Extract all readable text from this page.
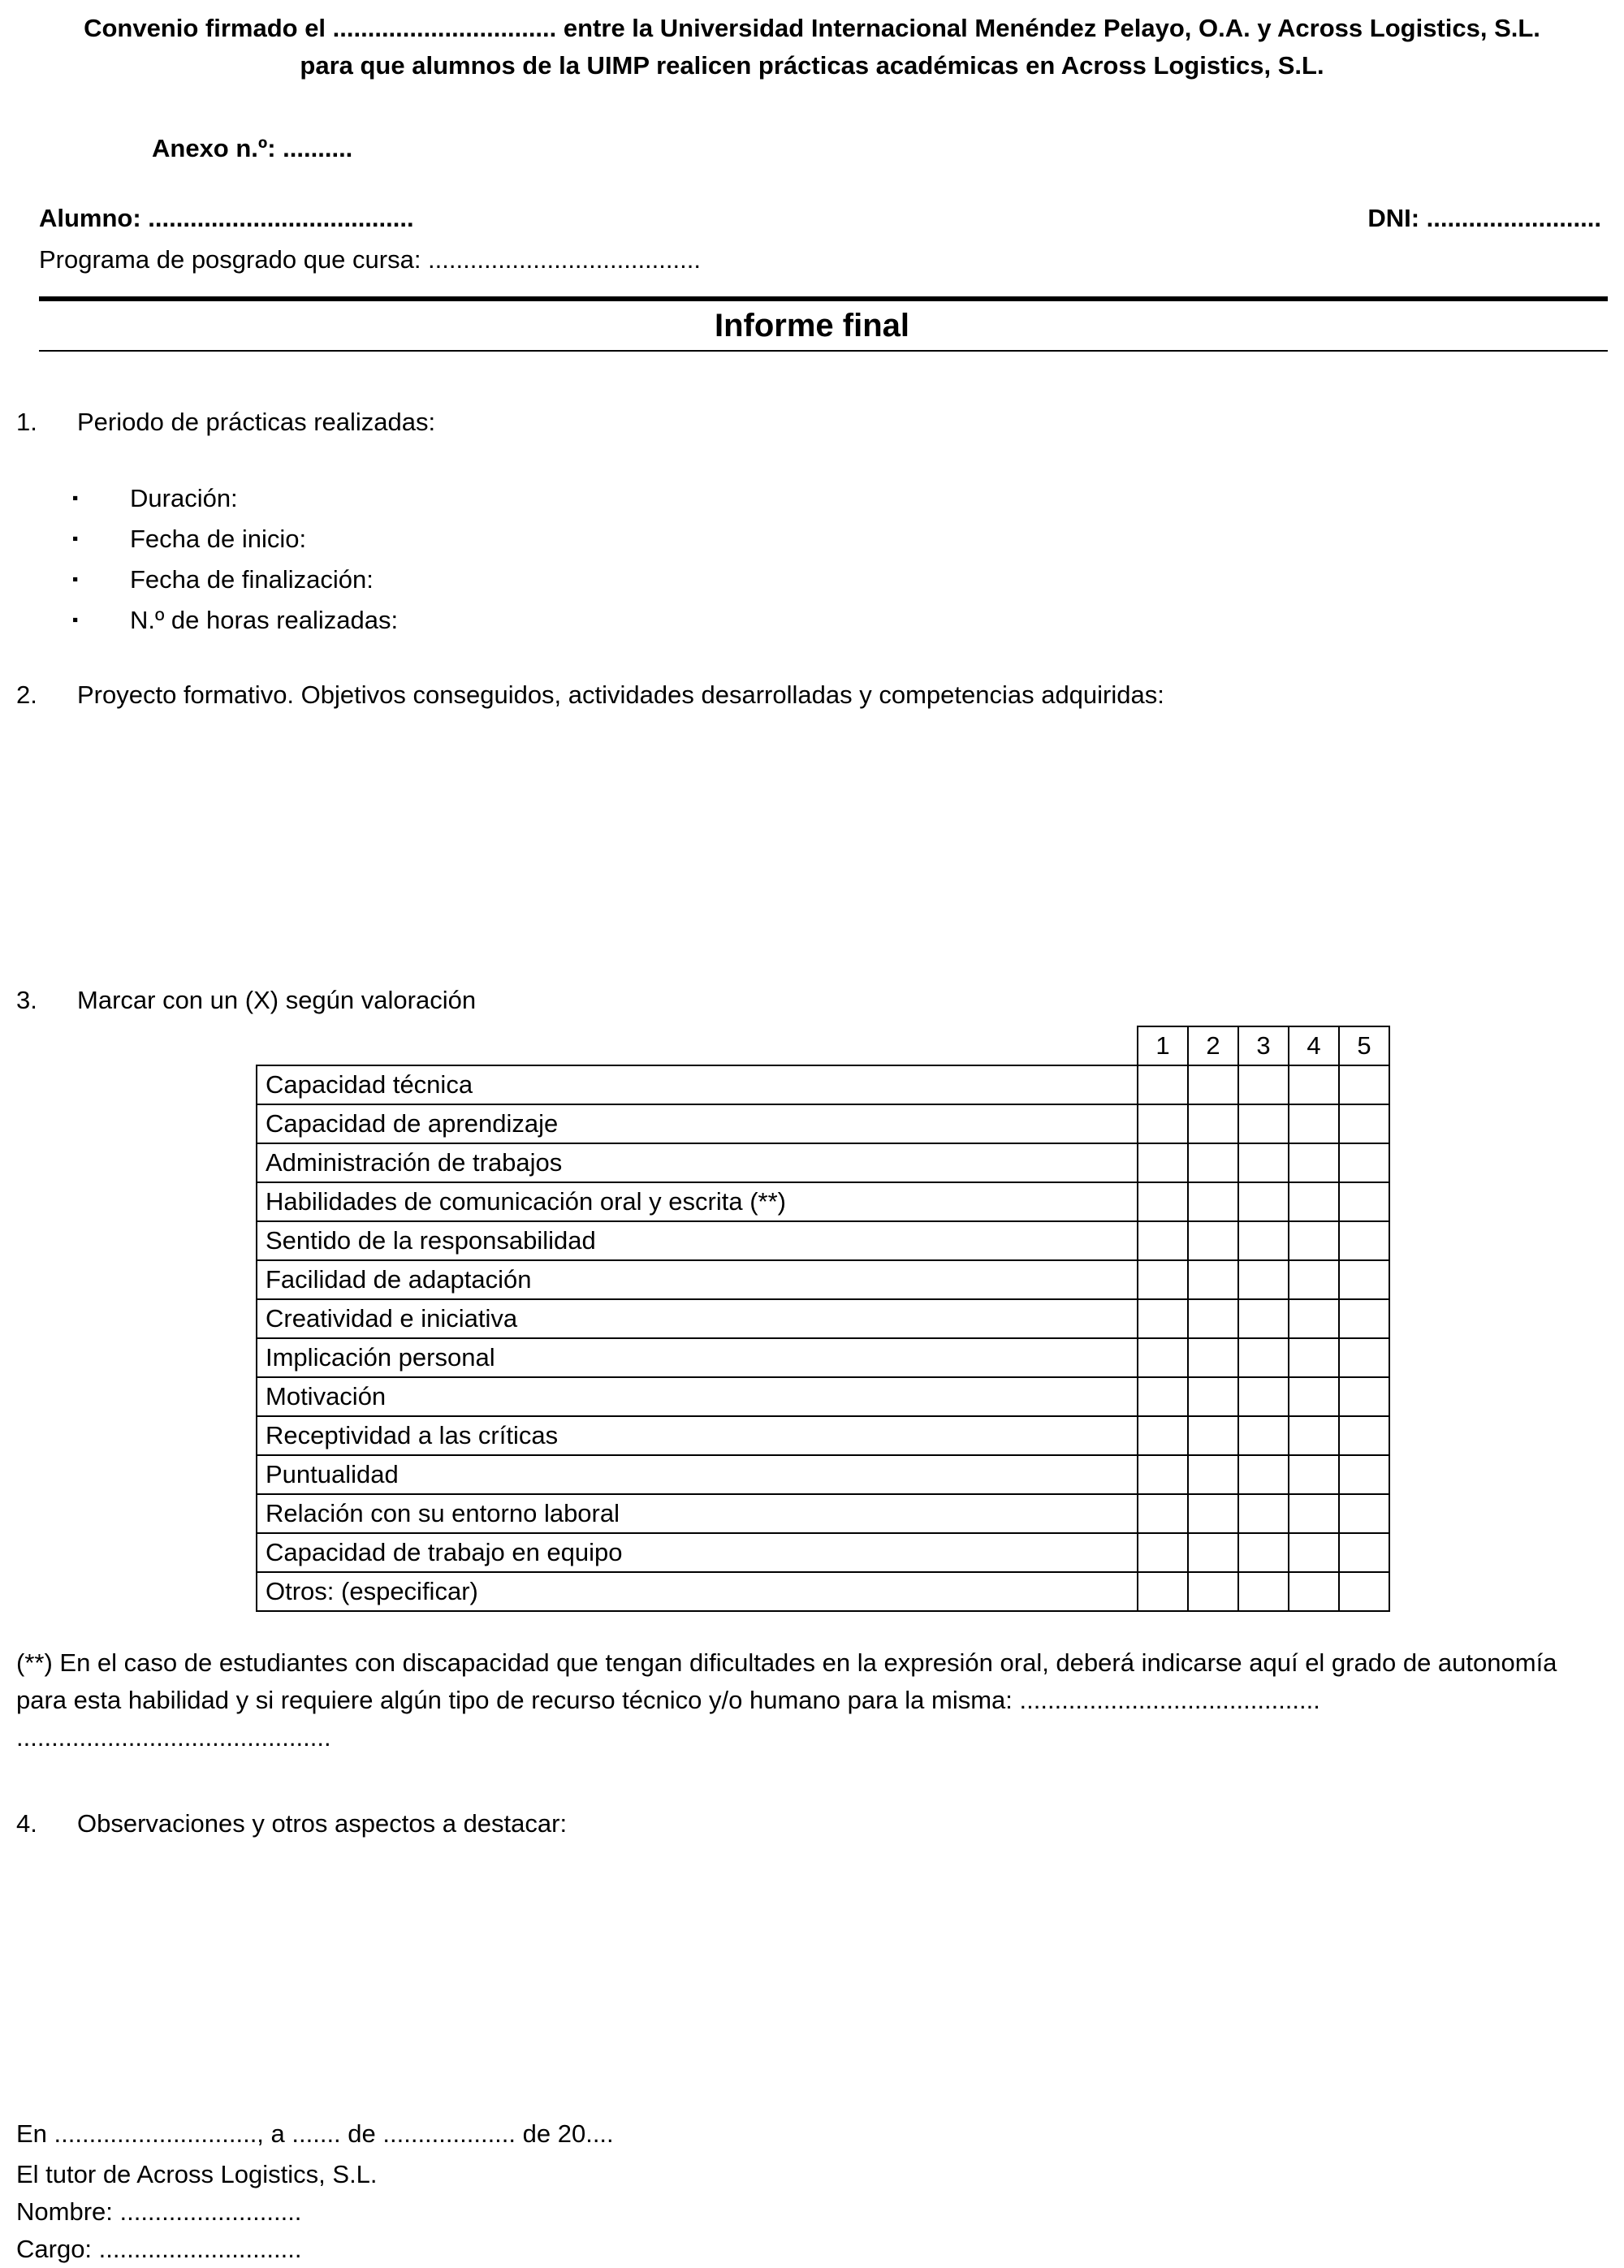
Convenio firmado el ................................ entre la Universidad Internacional Menéndez Pelayo, O.A. y Across Logistics, S.L.
para que alumnos de la UIMP realicen prácticas académicas en Across Logistics, S.L.
Anexo n.º: ..........
Alumno: ......................................	DNI: .........................
Programa de posgrado que cursa: .......................................
Informe final
1.	Periodo de prácticas realizadas:
▪	Duración:
▪	Fecha de inicio:
▪	Fecha de finalización:
▪	N.º de horas realizadas:
2.	Proyecto formativo. Objetivos conseguidos, actividades desarrolladas y competencias adquiridas:
3.	Marcar con un (X) según valoración
	1	2	3	4	5
Capacidad técnica					
Capacidad de aprendizaje					
Administración de trabajos					
Habilidades de comunicación oral y escrita (**)					
Sentido de la responsabilidad					
Facilidad de adaptación					
Creatividad e iniciativa					
Implicación personal					
Motivación					
Receptividad a las críticas					
Puntualidad					
Relación con su entorno laboral					
Capacidad de trabajo en equipo					
Otros: (especificar)					
(**) En el caso de estudiantes con discapacidad que tengan dificultades en la expresión oral, deberá indicarse aquí el grado de autonomía para esta habilidad y si requiere algún tipo de recurso técnico y/o humano para la misma: ........................................... .............................................
4.	Observaciones y otros aspectos a destacar:
En ............................., a ....... de ................... de 20....
El tutor de Across Logistics, S.L.
Nombre: ..........................
Cargo: .............................
